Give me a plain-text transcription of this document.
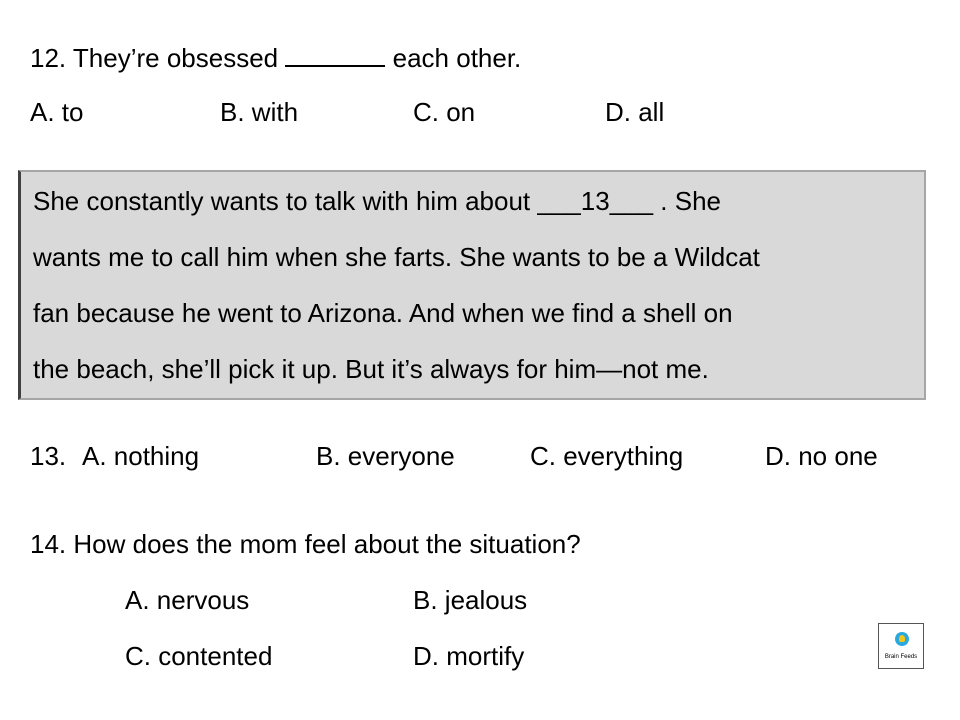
12. They’re obsessed	each other.
A. to	B. with	C. on	D. all
She constantly wants to talk with him about ___13___ . She
wants me to call him when she farts. She wants to be a Wildcat
fan because he went to Arizona. And when we find a shell on
the beach, she’ll pick it up. But it’s always for him—not me.
13. A. nothing	B. everyone	C. everything	D. no one
14. How does the mom feel about the situation?
A. nervous	B. jealous
C. contented	D. mortify	Brain Feeds
